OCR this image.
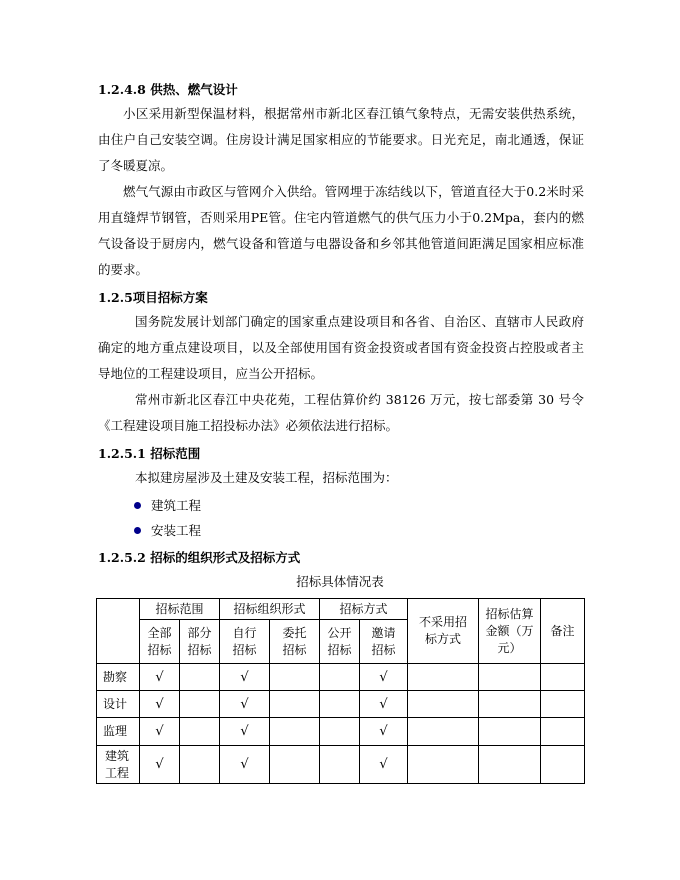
1.2.4.8 供热、燃气设计

小区采用新型保温材料，根据常州市新北区春江镇气象特点，无需安装供热系统，由住户自己安装空调。住房设计满足国家相应的节能要求。日光充足，南北通透，保证了冬暖夏凉。

燃气气源由市政区与管网介入供给。管网埋于冻结线以下，管道直径大于0.2米时采用直缝焊节钢管，否则采用PE管。住宅内管道燃气的供气压力小于0.2Mpa，套内的燃气设备设于厨房内，燃气设备和管道与电器设备和乡邻其他管道间距满足国家相应标准的要求。

1.2.5项目招标方案

国务院发展计划部门确定的国家重点建设项目和各省、自治区、直辖市人民政府确定的地方重点建设项目，以及全部使用国有资金投资或者国有资金投资占控股或者主导地位的工程建设项目，应当公开招标。

常州市新北区春江中央花苑，工程估算价约 38126 万元，按七部委第 30 号令《工程建设项目施工招投标办法》必须依法进行招标。

1.2.5.1 招标范围

本拟建房屋涉及土建及安装工程，招标范围为：

建筑工程
安装工程
1.2.5.2 招标的组织形式及招标方式
招标具体情况表
	招标范围		招标组织形式		招标方式		不采用招标方式	招标估算金额（万元）	备注
	全部招标	部分招标	自行招标	委托招标	公开招标	邀请招标			
勘察	√		√			√			
设计	√		√			√			
监理	√		√			√			
建筑工程	√		√			√			
